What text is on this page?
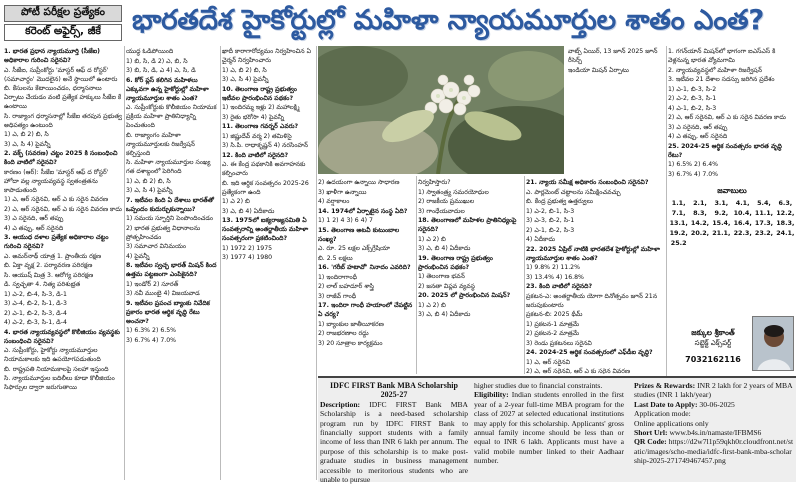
పోటీ పరీక్షల ప్రత్యేకం
కరెంట్ అఫైర్స్, జీకే భారతదేశ హైకోర్టుల్లో మహిళా న్యాయమూర్తుల శాతం ఎంత?

1. భారత ప్రధాన న్యాయమూర్తి (సీజేఐ) అధికారాల గురించి సరైనవి?

ఎ. సీజేఐ, సుప్రీంకోర్టు 'మాస్టర్ ఆఫ్ ద రోస్టర్' (సమాచార్థం' మొదలైన) అనే స్థాయిలో ఉంటారు

బి. కేసులను కేటాయించడం, ధర్మాసనాలు ఏర్పాటు చేయడం వంటి ప్రత్యేక హక్కులు సీజేఐ కే ఉంటాయి

సి. రాజ్యాంగ ధర్మాసనాల్లో సీజేఐ తరపున ప్రభుత్వ అధిపత్యం ఉంటుంది

1) ఎ, బి 2) బి, సి

3) ఎ, సి 4) పైవన్నీ

2. వక్ఫ్ (సవరణ) చట్టం 2025 కి సంబంధించి కింది వాటిలో సరైనవి?

కారణం (ఆర్): సీజేఐ 'మాస్టర్ ఆఫ్ ద రోస్టర్' హోదా వల్ల న్యాయవ్యవస్థ స్వతంత్రతను కాపాడుతుంది

1) ఎ, ఆర్ సరైనవి, ఆర్ ఎ కు సరైన వివరణ

2) ఎ, ఆర్ సరైనవి, ఆర్ ఎ కు సరైన వివరణ కాదు

3) ఎ సరైనది, ఆర్ తప్పు

4) ఎ తప్పు, ఆర్ సరైనది

3. ఆయుధ దళాల ప్రత్యేక అధికారాల చట్టం గురించి సరైనవి?

ఎ. అమర్‌నాథ్ యాత్ర 1. ప్రాంతీయ రక్షణ

బి. ఏక్తా వృక్ష 2. పర్యావరణ పరిరక్షణ

సి. ఆయుష్ మిత్ర 3. ఆరోగ్య పరిరక్షణ

డి. స్వచ్ఛతా 4. నిత్య పరిశుభ్రత

1) ఎ-2, బి-4, సి-3, డి-1

3) ఎ-4, బి-2, సి-1, డి-3

2) ఎ-1, బి-2, సి-3, డి-4

4) ఎ-2, బి-3, సి-1, డి-4

4. భారత న్యాయవ్యవస్థలో కొలీజియం వ్యవస్థకు సంబంధించి సరైనవి?

ఎ. సుప్రీంకోర్టు, హైకోర్టు న్యాయమూర్తుల నియామకాలకు ఇది ఉపయోగపడుతుంది

బి. రాష్ట్రపతి నియామకాలపై సలహా ఇస్తుంది

సి. న్యాయమూర్తుల బదిలీలు కూడా కొలీజియం సిఫార్సుల ద్వారా జరుగుతాయి

యుద్ధ ఓడిపోయింది

1) బి, సి, డి 2) ఎ, బి, సి

3) బి, సి, డి, ఎ 4) ఎ, సి, డి

6. కోర్ ప్లస్ కలిగిన మహిళలు ఎక్కువగా ఉన్న హైకోర్టుల్లో మహిళా న్యాయమూర్తుల శాతం ఎంత?

ఎ. సుప్రీంకోర్టుకు కొలీజియం నియామక ప్రక్రియ మహిళా ప్రాతినిధ్యాన్ని పెంచుతుంది

బి. రాజ్యాంగం మహిళా న్యాయమూర్తులకు రిజర్వేషన్ కల్పిస్తుంది

సి. మహిళా న్యాయమూర్తుల సంఖ్య గత దశాబ్దంలో పెరిగింది

1) ఎ, బి 2) బి, సి

3) ఎ, సి 4) పైవన్నీ

7. ఇటీవల కింది ఏ దేశాలు భారత్‌తో ఒప్పందం కుదుర్చుకున్నాయి?

1) సమయ స్ఫూర్తిని పెంపొందించడం

2) భారత ప్రభుత్వ విధానాలను ప్రోత్సహించడం

3) సమాచార వినిమయం

4) పైవన్నీ

8. ఇటీవల స్వచ్ఛ భారత్ మిషన్ కింద ఉత్తమ పట్టణంగా ఎంపికైనది?

1) ఇండోర్ 2) సూరత్

3) నవీ ముంబై 4) విజయవాడ

9. ఇటీవల ప్రపంచ బ్యాంకు నివేదిక ప్రకారం భారత ఆర్థిక వృద్ధి రేటు అంచనా?

1) 6.3% 2) 6.5%

3) 6.7% 4) 7.0%

ఖాదీ కారాగారోద్యమం నిర్వహించిన ఏ చైర్మన్ నిర్వహించారు

1) ఎ, బి 2) బి, సి

3) ఎ, సి 4) పైవన్నీ

10. తెలంగాణ రాష్ట్ర ప్రభుత్వం ఇటీవల ప్రారంభించిన పథకం?

1) ఇందిరమ్మ ఇళ్లు 2) మహాలక్ష్మి

3) రైతు భరోసా 4) పైవన్నీ

11. తెలంగాణ గవర్నర్ ఎవరు?

1) జిష్ణుదేవ్ వర్మ 2) తమిళిసై

3) సి.పి. రాధాకృష్ణన్ 4) నరసింహన్

12. కింది వాటిలో సరైనది?

ఎ. ఈ కేంద్ర పథకానికి అవగాహనకు కల్పించారు

బి. ఇది ఆర్థిక సంవత్సరం 2025-26 ప్రత్యేకంగా ఉంది

1) ఎ 2) బి

3) ఎ, బి 4) ఏదీకాదు

13. 1975లో ఐక్యరాజ్యసమితి ఏ సంవత్సరాన్ని అంతర్జాతీయ మహిళా సంవత్సరంగా ప్రకటించింది?

1) 1972 2) 1975

3) 1977 4) 1980

2) ఉదయంగా ఉన్నాయి సాధారణ

3) ఖాళీగా ఉన్నాయి

4) వర్షాకాలం

14. 1974లో ఏర్పాటైన సంస్థ ఏది?

1) 1 2) 4 3) 6 4) 7

15. తెలంగాణ అటవీ కుటుంబాల సంఖ్య?

ఎ. రూ. 25 లక్షల ఎక్స్‌గ్రేషియా

బి. 2.5 లక్షలు

16. 'గరీబ్ హటావో' నినాదం ఎవరిది?

1) ఇందిరాగాంధీ

2) లాల్ బహదూర్ శాస్త్రి

3) రాజీవ్ గాంధీ

17. ఇందిరా గాంధీ హయాంలో చేపట్టిన ఏ చర్య?

1) బ్యాంకుల జాతీయీకరణ

2) రాజభరణాల రద్దు

3) 20 సూత్రాల కార్యక్రమం

నిర్వహిస్తారు?

1) స్వాతంత్ర్య సమరయోధుల

2) రాజకీయ ప్రముఖుల

3) గాంధేయవాదుల

18. తెలంగాణలో మహిళల ప్రాతినిధ్యంపై సరైనది?

1) ఎ 2) బి

3) ఎ, బి 4) ఏదీకాదు

19. తెలంగాణ రాష్ట్ర ప్రభుత్వం ప్రారంభించిన పథకం?

1) తెలంగాణ భవన్

2) జనతా విప్లవ వ్యవస్థ

20. 2025 లో ప్రారంభించిన మిషన్?

1) ఎ 2) బి

3) ఎ, బి 4) ఏదీకాదు

21. న్యాయ సమీక్ష అధికారం సంబంధించి సరైనవి?

ఎ. పార్లమెంట్ చట్టాలను సమీక్షించవచ్చు

బి. కేంద్ర ప్రభుత్వ ఉత్తర్వులు

1) ఎ-2, బి-1, సి-3

3) ఎ-3, బి-2, సి-1

2) ఎ-1, బి-2, సి-3

4) ఏదీకాదు

22. 2025 ఏప్రిల్ నాటికి భారతదేశ హైకోర్టుల్లో మహిళా న్యాయమూర్తుల శాతం ఎంత?

1) 9.8% 2) 11.2%

3) 13.4% 4) 16.8%

23. కింది వాటిలో సరైనది?

ప్రకటన-ఎ: అంతర్జాతీయ యోగా దినోత్సవం జూన్ 21న జరుపుకుంటారు

ప్రకటన-బి: 2025 థీమ్

1) ప్రకటన-1 మాత్రమే

2) ప్రకటన-2 మాత్రమే

3) రెండు ప్రకటనలు సరైనవి

24. 2024-25 ఆర్థిక సంవత్సరంలో ఎఫ్‌డీఐ వృద్ధి?

1) ఎ, ఆర్ సరైనవి

2) ఎ, ఆర్ సరైనవి, ఆర్ ఎ కు సరైన వివరణ

1. గగన్‌యాన్ మిషన్‌లో భాగంగా ఐఎస్ఎస్ కి వెళ్లనున్న భారత వ్యోమగామి

2. న్యాయవ్యవస్థలో మహిళా రిజర్వేషన్

3. ఇటీవల 21 దేశాల సదస్సు జరిగిన ప్రదేశం

1) ఎ-1, బి-3, సి-2

2) ఎ-2, బి-3, సి-1

4) ఎ-1, బి-2, సి-3

2) ఎ, ఆర్ సరైనవి, ఆర్ ఎ కు సరైన వివరణ కాదు

3) ఎ సరైనది, ఆర్ తప్పు

4) ఎ తప్పు, ఆర్ సరైనది

25. 2024-25 ఆర్థిక సంవత్సరం భారత వృద్ధి రేటు?

1) 6.5% 2) 6.4%

3) 6.7% 4) 7.0%

వాట్స్ ఏయిర్, 13 జూన్ 2025 జూన్ రీసెర్చ్

ఇండియా మిషన్ ఏర్పాటు

జవాబులు
1.1,	2.1,	3.1,	4.1,	5.4,	6.3,
7.1,	8.3,	9.2, 10.4, 11.1, 12.2,
13.1, 14.2, 15.4, 16.4, 17.3, 18.3,
19.2, 20.2, 21.1, 22.3, 23.2, 24.1,
25.2
జక్కుల శ్రీకాంత్
సబ్జెక్ట్ ఎక్స్‌పర్ట్
7032162116
IDFC FIRST Bank MBA Scholarship 2025-27
Description: IDFC FIRST Bank MBA Scholarship is a need-based scholarship program run by IDFC FIRST Bank to financially support students with a family income of less than INR 6 lakh per annum. The purpose of this scholarship is to make post-graduate studies in business management accessible to meritorious students who are unable to pursue
higher studies due to financial constraints.
Eligibility: Indian students enrolled in the first year of a 2-year full-time MBA program for the class of 2027 at selected educational institutions may apply for this scholarship. Applicants' gross annual family income should be less than or equal to INR 6 lakh. Applicants must have a valid mobile number linked to their Aadhaar number.
Prizes & Rewards: INR 2 lakh for 2 years of MBA studies (INR 1 lakh/year)
Last Date to Apply: 30-06-2025
Application mode:
Online applications only
Short Url: www.b4s.in/namaste/IFBMS6
QR Code: https://d2w7l1p59qkh0r.cloudfront.net/static/images/scho-media/idfc-first-bank-mba-scholarship-2025-271749467457.png
